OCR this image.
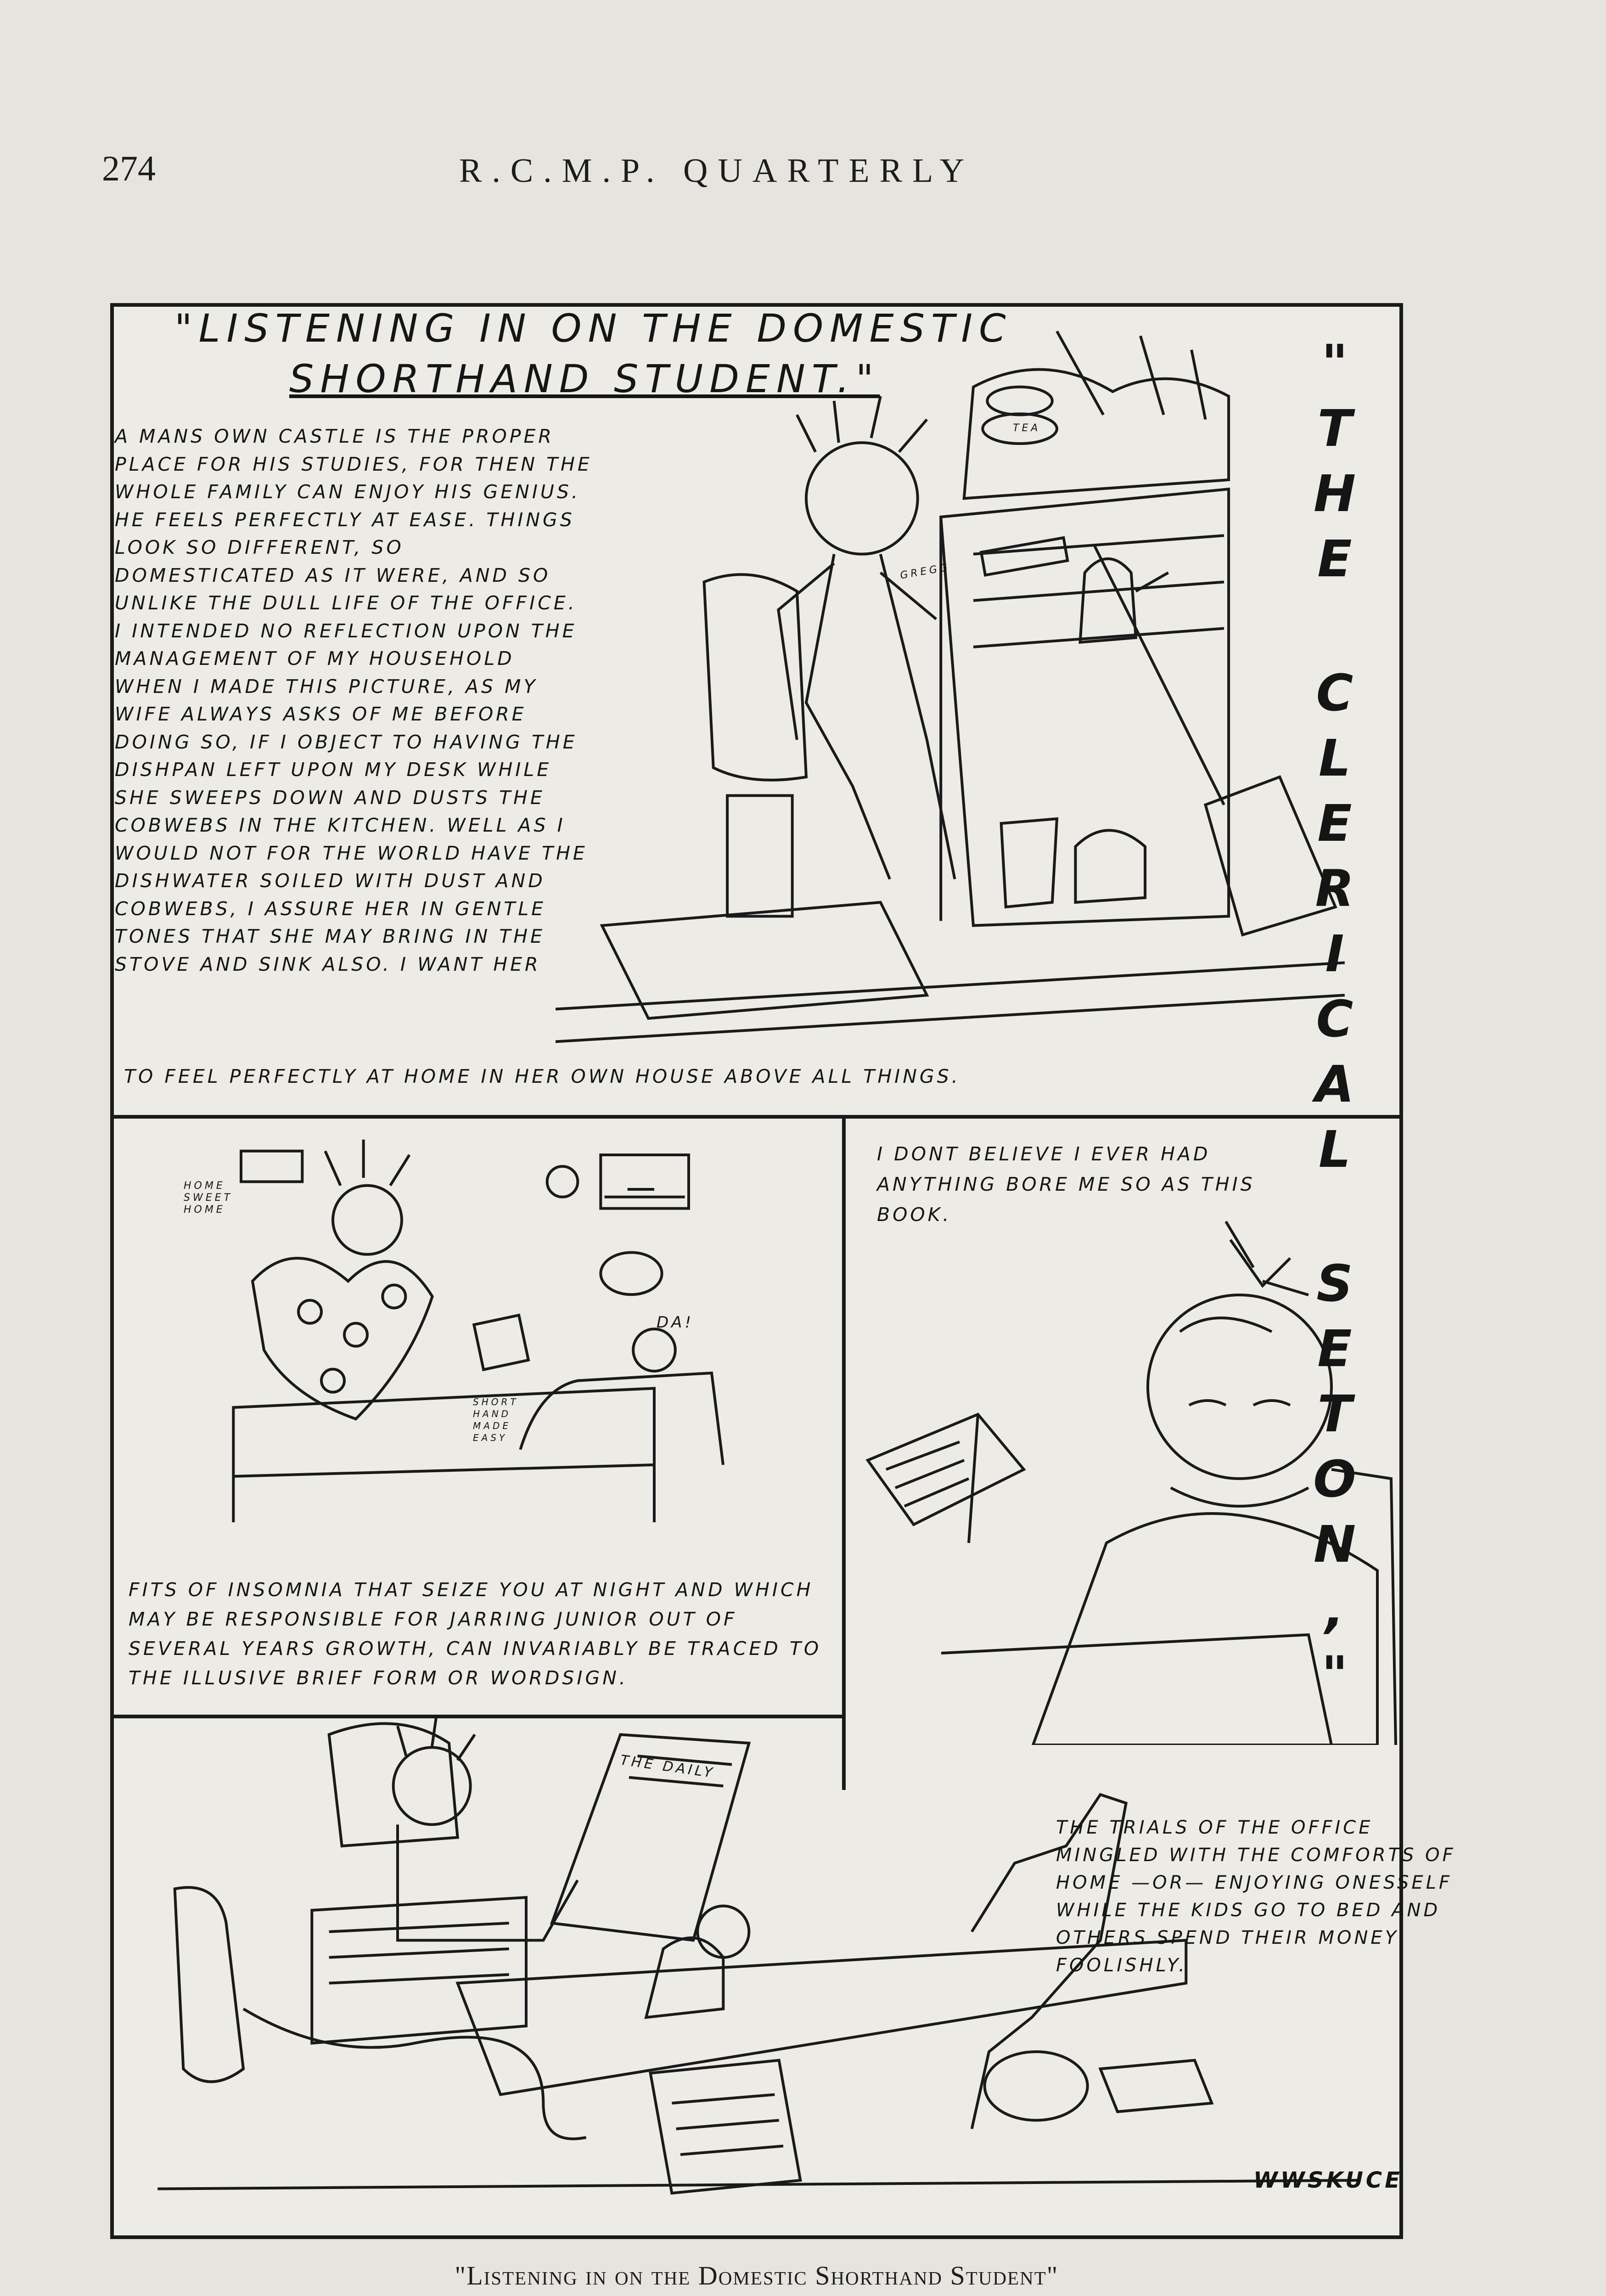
274	R.C.M.P. QUARTERLY
HOME SWEET HOME
DA!
SHORT HAND MADE EASY
THE DAILY
WWSKUCE
GREGG
TEA
"LISTENING IN ON THE DOMESTIC
SHORTHAND STUDENT."	"
T
H
E
C
L
E
R
I
C
A
L
S
E
T
O
N
,
"
A MANS OWN CASTLE IS THE PROPER PLACE FOR HIS STUDIES, FOR THEN THE WHOLE FAMILY CAN ENJOY HIS GENIUS. HE FEELS PERFECTLY AT EASE. THINGS LOOK SO DIFFERENT, SO DOMESTICATED AS IT WERE, AND SO UNLIKE THE DULL LIFE OF THE OFFICE. I INTENDED NO REFLECTION UPON THE MANAGEMENT OF MY HOUSEHOLD WHEN I MADE THIS PICTURE, AS MY WIFE ALWAYS ASKS OF ME BEFORE DOING SO, IF I OBJECT TO HAVING THE DISHPAN LEFT UPON MY DESK WHILE SHE SWEEPS DOWN AND DUSTS THE COBWEBS IN THE KITCHEN. WELL AS I WOULD NOT FOR THE WORLD HAVE THE DISHWATER SOILED WITH DUST AND COBWEBS, I ASSURE HER IN GENTLE TONES THAT SHE MAY BRING IN THE STOVE AND SINK ALSO. I WANT HER
TO FEEL PERFECTLY AT HOME IN HER OWN HOUSE ABOVE ALL THINGS.
FITS OF INSOMNIA THAT SEIZE YOU AT NIGHT AND WHICH MAY BE RESPONSIBLE FOR JARRING JUNIOR OUT OF SEVERAL YEARS GROWTH, CAN INVARIABLY BE TRACED TO THE ILLUSIVE BRIEF FORM OR WORDSIGN.
I DONT BELIEVE I EVER HAD ANYTHING BORE ME SO AS THIS BOOK.
THE TRIALS OF THE OFFICE MINGLED WITH THE COMFORTS OF HOME —OR— ENJOYING ONESSELF WHILE THE KIDS GO TO BED AND OTHERS SPEND THEIR MONEY FOOLISHLY.
"Listening in on the Domestic Shorthand Student"
